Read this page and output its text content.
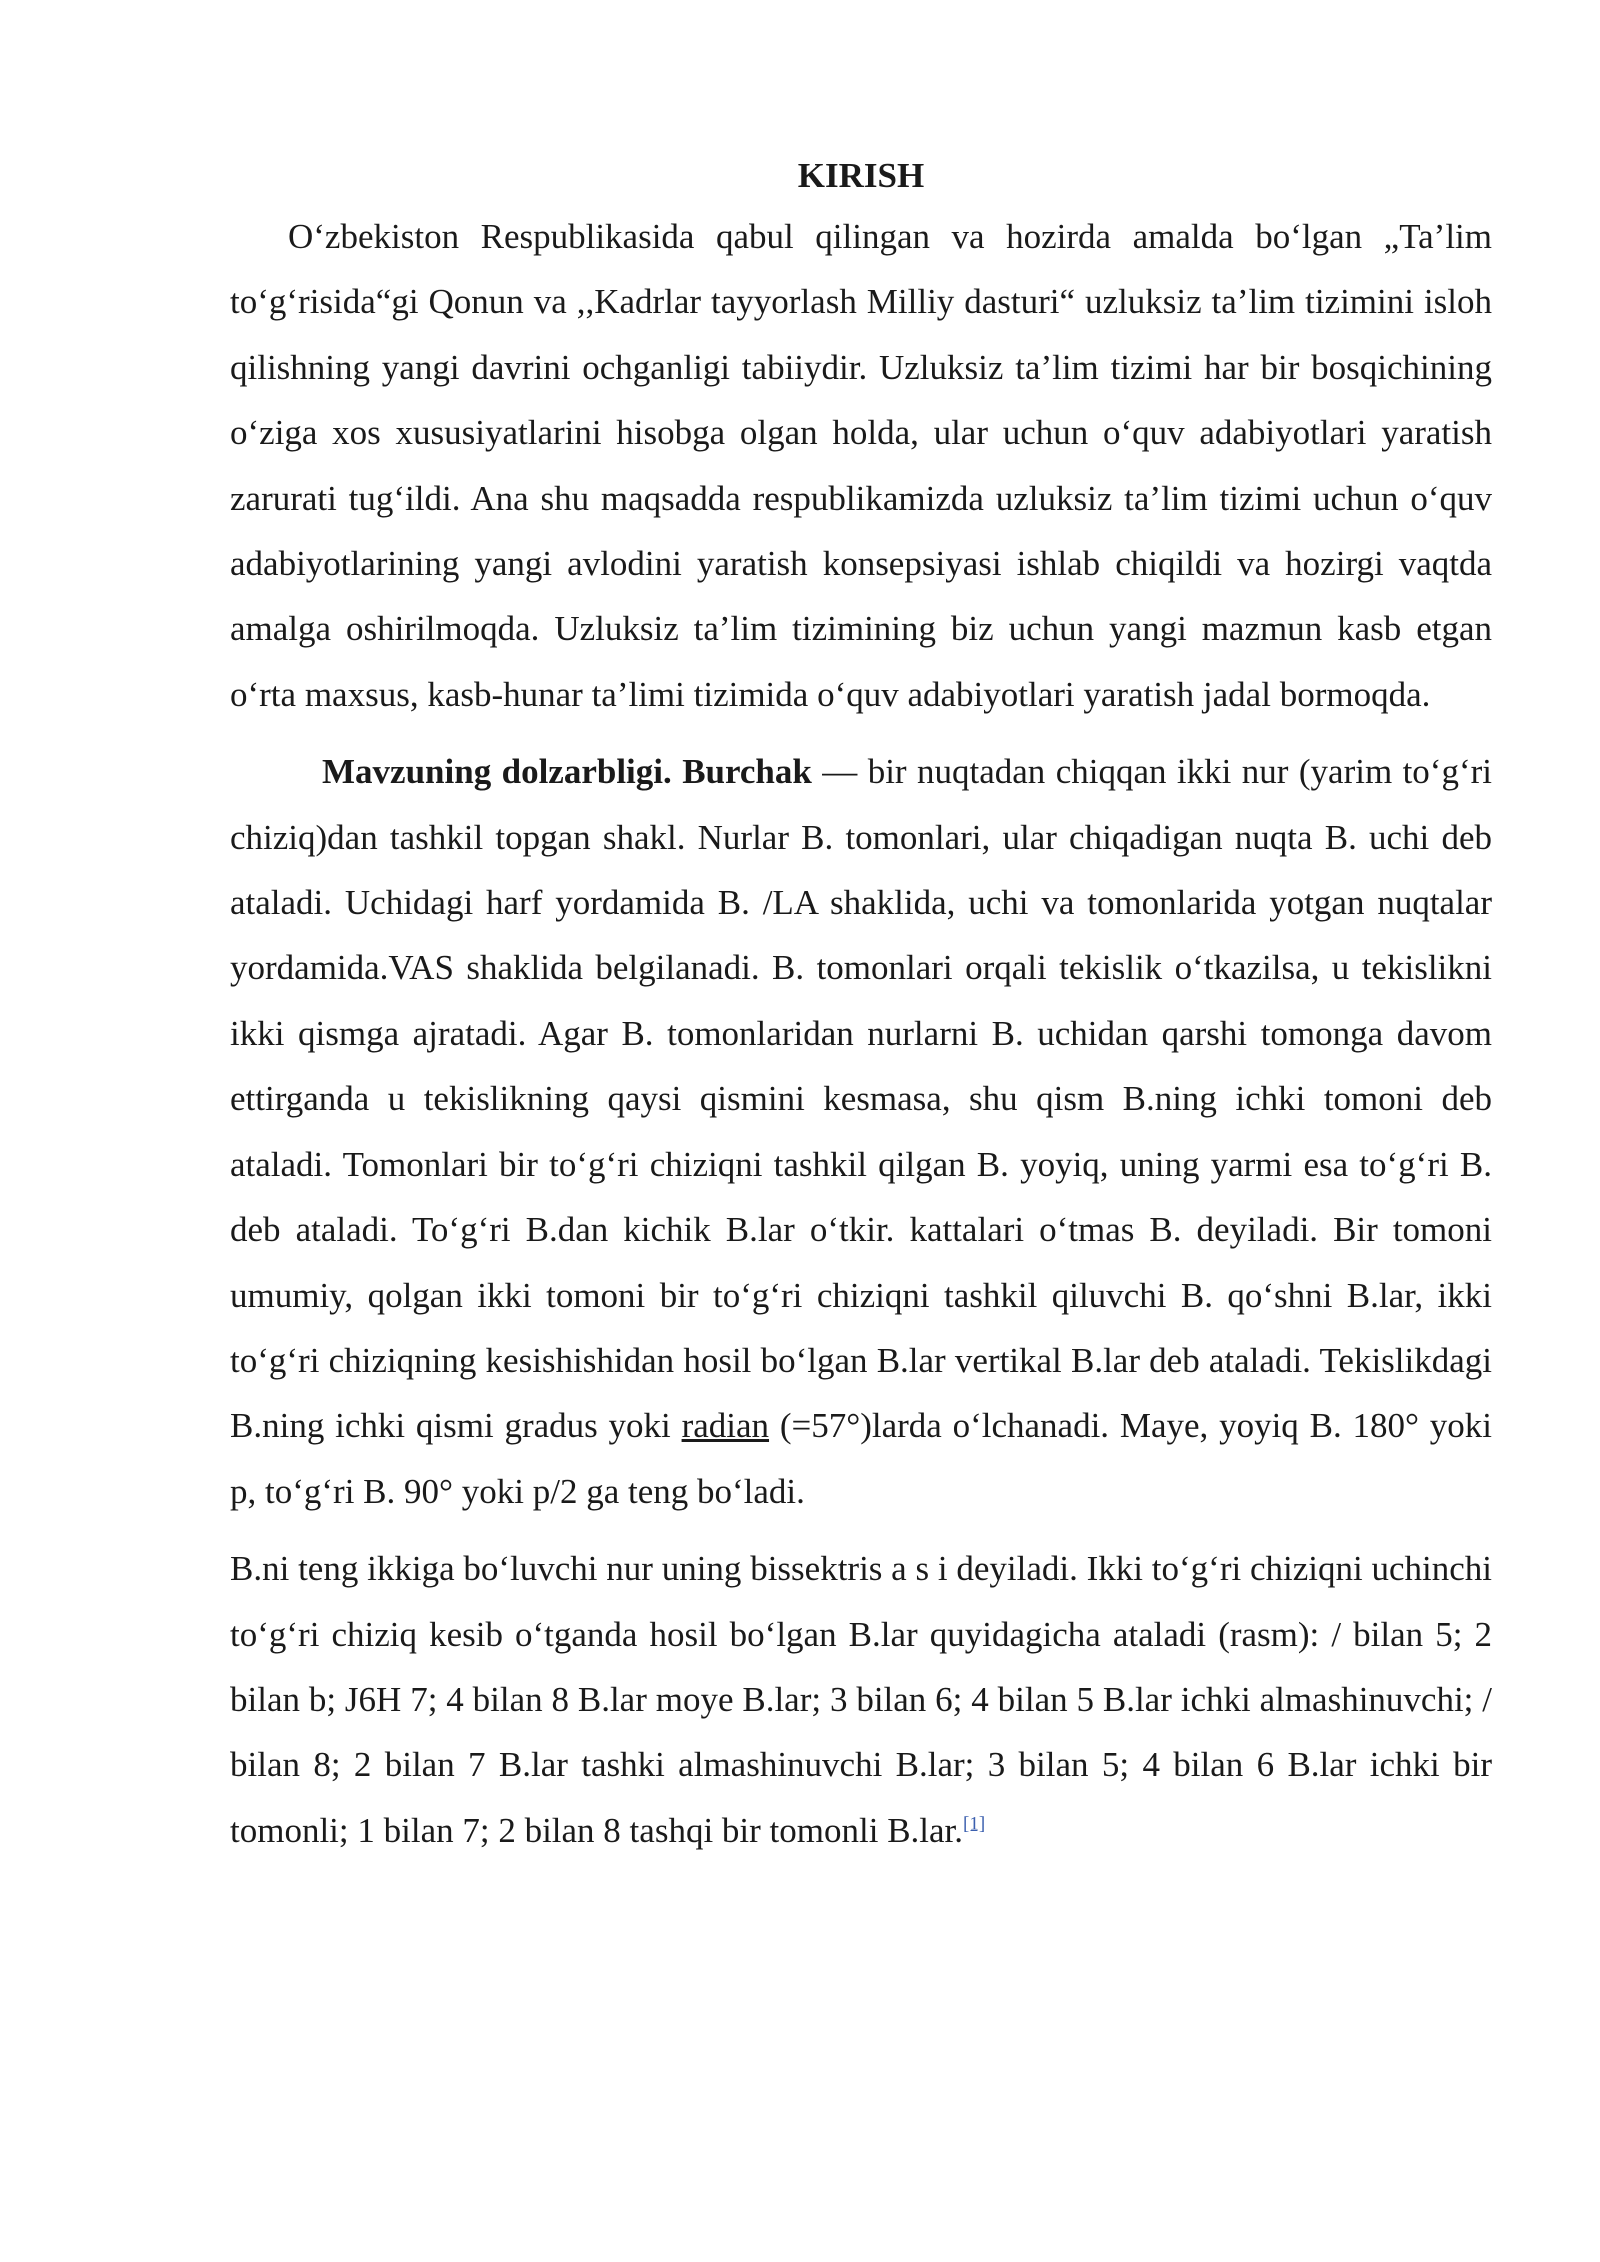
KIRISH

O‘zbekiston Respublikasida qabul qilingan va hozirda amalda bo‘lgan „Ta’lim to‘g‘risida“gi Qonun va ,,Kadrlar tayyorlash Milliy dasturi“ uzluksiz ta’lim tizimini isloh qilishning yangi davrini ochganligi tabiiydir. Uzluksiz ta’lim tizimi har bir bosqichining o‘ziga xos xususiyatlarini hisobga olgan holda, ular uchun o‘quv adabiyotlari yaratish zarurati tug‘ildi. Ana shu maqsadda respublikamizda uzluksiz ta’lim tizimi uchun o‘quv adabiyotlarining yangi avlodini yaratish konsepsiyasi ishlab chiqildi va hozirgi vaqtda amalga oshirilmoqda. Uzluksiz ta’lim tizimining biz uchun yangi mazmun kasb etgan o‘rta maxsus, kasb-hunar ta’limi tizimida o‘quv adabiyotlari yaratish jadal bormoqda.

Mavzuning dolzarbligi. Burchak — bir nuqtadan chiqqan ikki nur (yarim to‘g‘ri chiziq)dan tashkil topgan shakl. Nurlar B. tomonlari, ular chiqadigan nuqta B. uchi deb ataladi. Uchidagi harf yordamida B. /LA shaklida, uchi va tomonlarida yotgan nuqtalar yordamida.VAS shaklida belgilanadi. B. tomonlari orqali tekislik o‘tkazilsa, u tekislikni ikki qismga ajratadi. Agar B. tomonlaridan nurlarni B. uchidan qarshi tomonga davom ettirganda u tekislikning qaysi qismini kesmasa, shu qism B.ning ichki tomoni deb ataladi. Tomonlari bir to‘g‘ri chiziqni tashkil qilgan B. yoyiq, uning yarmi esa to‘g‘ri B. deb ataladi. To‘g‘ri B.dan kichik B.lar o‘tkir. kattalari o‘tmas B. deyiladi. Bir tomoni umumiy, qolgan ikki tomoni bir to‘g‘ri chiziqni tashkil qiluvchi B. qo‘shni B.lar, ikki to‘g‘ri chiziqning kesishishidan hosil bo‘lgan B.lar vertikal B.lar deb ataladi. Tekislikdagi B.ning ichki qismi gradus yoki radian (=57°)larda o‘lchanadi. Maye, yoyiq B. 180° yoki p, to‘g‘ri B. 90° yoki p/2 ga teng bo‘ladi.

B.ni teng ikkiga bo‘luvchi nur uning bissektris a s i deyiladi. Ikki to‘g‘ri chiziqni uchinchi to‘g‘ri chiziq kesib o‘tganda hosil bo‘lgan B.lar quyidagicha ataladi (rasm): / bilan 5; 2 bilan b; J6H 7; 4 bilan 8 B.lar moye B.lar; 3 bilan 6; 4 bilan 5 B.lar ichki almashinuvchi; / bilan 8; 2 bilan 7 B.lar tashki almashinuvchi B.lar; 3 bilan 5; 4 bilan 6 B.lar ichki bir tomonli; 1 bilan 7; 2 bilan 8 tashqi bir tomonli B.lar.[1]
